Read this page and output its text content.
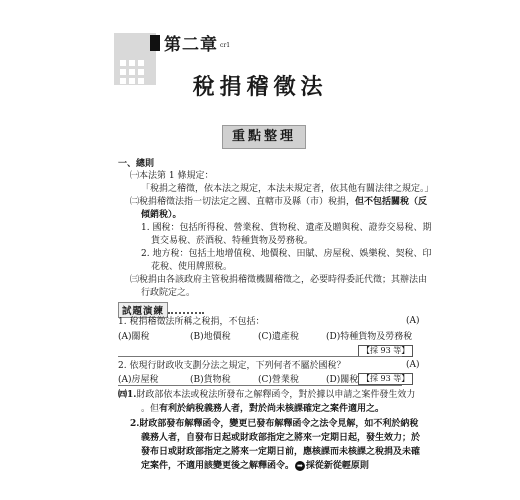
第二章 cr1
稅捐稽徵法
重點整理
一、總則
㈠本法第 1 條規定：
「稅捐之稽徵，依本法之規定，本法未規定者，依其他有關法律之規定。」
㈡稅捐稽徵法指一切法定之國、直轄市及縣（市）稅捐，但不包括關稅（反
傾銷稅）。
1. 國稅：包括所得稅、營業稅、貨物稅、遺產及贈與稅、證券交易稅、期
貨交易稅、菸酒稅、特種貨物及勞務稅。
2. 地方稅：包括土地增值稅、地價稅、田賦、房屋稅、娛樂稅、契稅、印
花稅、使用牌照稅。
㈢稅捐由各該政府主管稅捐稽徵機關稽徵之，必要時得委託代徵；其辦法由
行政院定之。
試題演練
1. 稅捐稽徵法所稱之稅捐，不包括：	(A)
(A)關稅	(B)地價稅	(C)遺產稅	(D)特種貨物及勞務稅
【採 93 等】
2. 依現行財政收支劃分法之規定，下列何者不屬於國稅？	(A)
(A)房屋稅	(B)貨物稅	(C)營業稅	(D)關稅 【採 93 等】
㈣1.財政部依本法或稅法所發布之解釋函令，對於據以申請之案件發生效力
。但有利於納稅義務人者，對於尚未核課確定之案件適用之。
2.財政部發布解釋函令，變更已發布解釋函令之法令見解，如不利於納稅
義務人者，自發布日起或財政部指定之將來一定期日起，發生效力；於
發布日或財政部指定之將來一定期日前，應核課而未核課之稅捐及未確
定案件，不適用該變更後之解釋函令。 ➡ 採從新從輕原則
